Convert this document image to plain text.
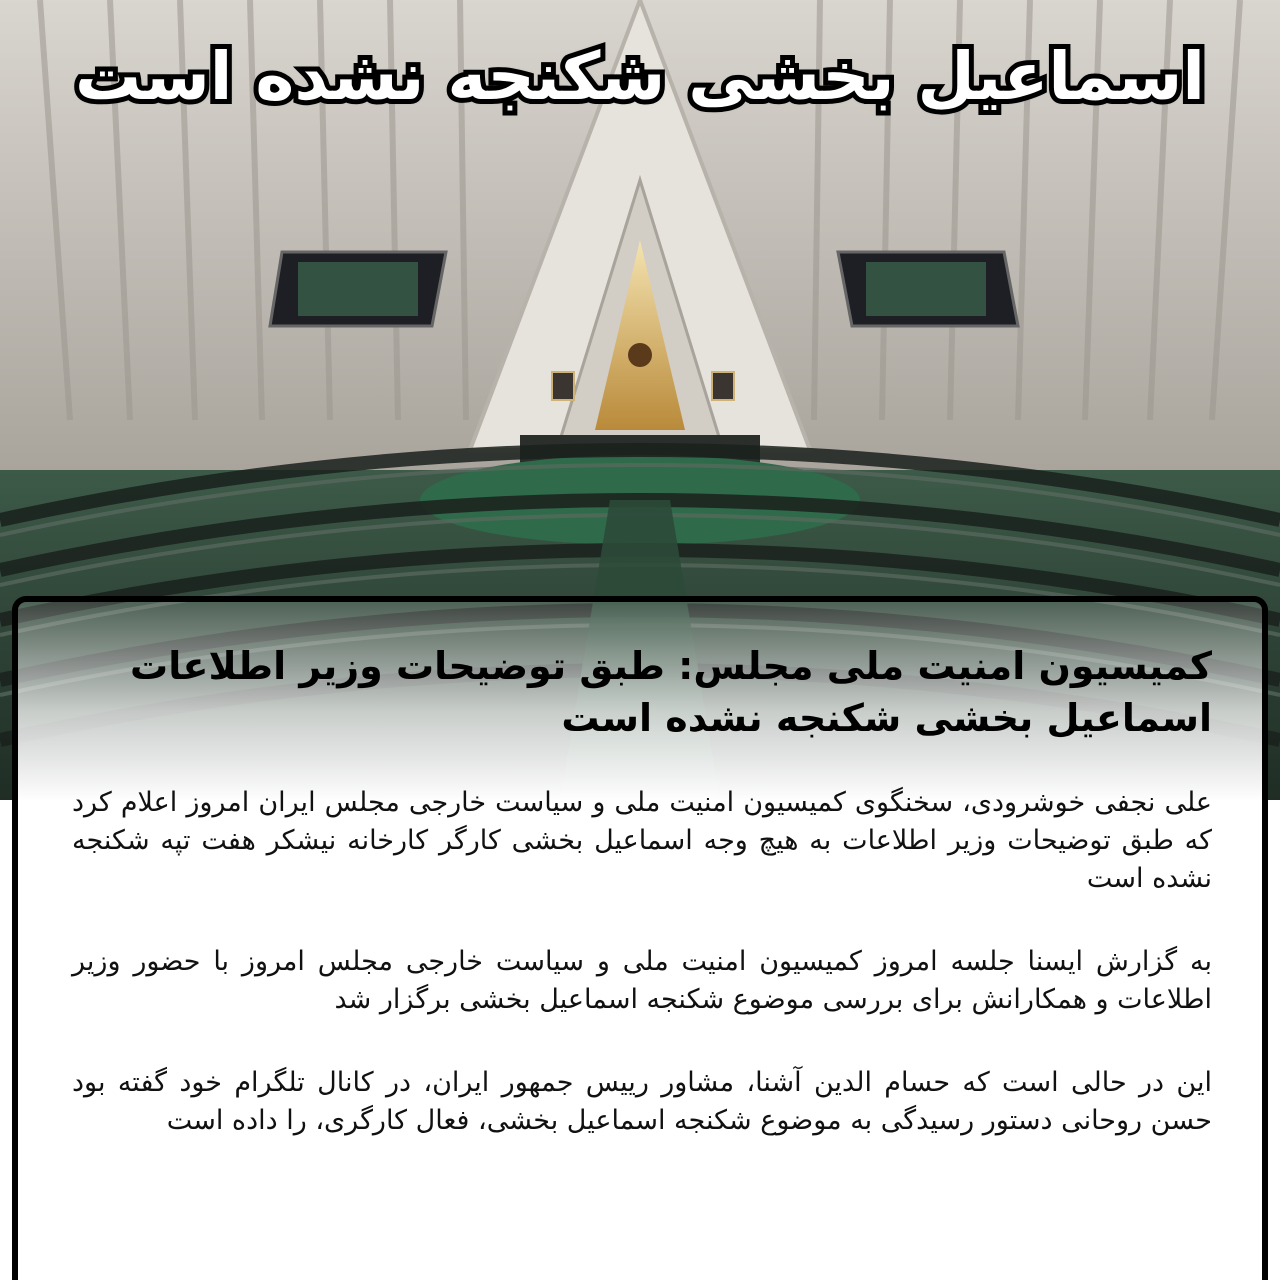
اسماعیل بخشی شکنجه نشده است
کمیسیون امنیت ملی مجلس: طبق توضیحات وزیر اطلاعات اسماعیل بخشی شکنجه نشده است

علی نجفی خوشرودی، سخنگوی کمیسیون امنیت ملی و سیاست خارجی مجلس ایران امروز اعلام کرد که طبق توضیحات وزیر اطلاعات به هیچ وجه اسماعیل بخشی کارگر کارخانه نیشکر هفت تپه شکنجه نشده است

به گزارش ایسنا جلسه امروز کمیسیون امنیت ملی و سیاست خارجی مجلس امروز با حضور وزیر اطلاعات و همکارانش برای بررسی موضوع شکنجه اسماعیل بخشی برگزار شد

این در حالی است که حسام الدین آشنا، مشاور رییس جمهور ایران، در کانال تلگرام خود گفته بود حسن روحانی دستور رسیدگی به موضوع شکنجه اسماعیل بخشی، فعال کارگری، را داده است
